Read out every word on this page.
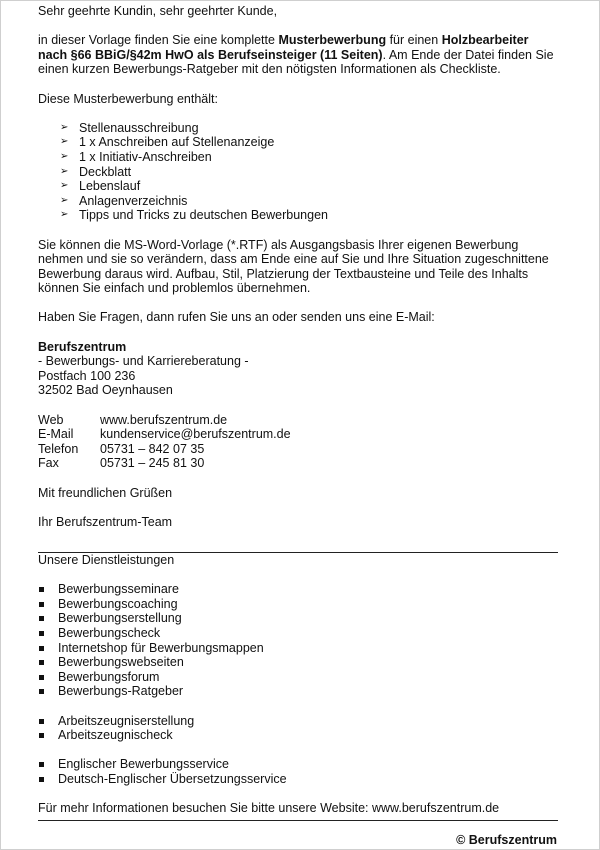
Sehr geehrte Kundin, sehr geehrter Kunde,

in dieser Vorlage finden Sie eine komplette Musterbewerbung für einen Holzbearbeiter nach §66 BBiG/§42m HwO als Berufseinsteiger (11 Seiten). Am Ende der Datei finden Sie einen kurzen Bewerbungs-Ratgeber mit den nötigsten Informationen als Checkliste.

Diese Musterbewerbung enthält:

➢ Stellenausschreibung
➢ 1 x Anschreiben auf Stellenanzeige
➢ 1 x Initiativ-Anschreiben
➢ Deckblatt
➢ Lebenslauf
➢ Anlagenverzeichnis
➢ Tipps und Tricks zu deutschen Bewerbungen

Sie können die MS-Word-Vorlage (*.RTF) als Ausgangsbasis Ihrer eigenen Bewerbung nehmen und sie so verändern, dass am Ende eine auf Sie und Ihre Situation zugeschnittene Bewerbung daraus wird. Aufbau, Stil, Platzierung der Textbausteine und Teile des Inhalts können Sie einfach und problemlos übernehmen.

Haben Sie Fragen, dann rufen Sie uns an oder senden uns eine E-Mail:

Berufszentrum

- Bewerbungs- und Karriereberatung -

Postfach 100 236

32502 Bad Oeynhausen

Web	www.berufszentrum.de
E-Mail	kundenservice@berufszentrum.de
Telefon	05731 – 842 07 35
Fax	05731 – 245 81 30

Mit freundlichen Grüßen

Ihr Berufszentrum-Team

Unsere Dienstleistungen

Bewerbungsseminare
Bewerbungscoaching
Bewerbungserstellung
Bewerbungscheck
Internetshop für Bewerbungsmappen
Bewerbungswebseiten
Bewerbungsforum
Bewerbungs-Ratgeber
Arbeitszeugniserstellung
Arbeitszeugnischeck
Englischer Bewerbungsservice
Deutsch-Englischer Übersetzungsservice

Für mehr Informationen besuchen Sie bitte unsere Website: www.berufszentrum.de

© Berufszentrum
